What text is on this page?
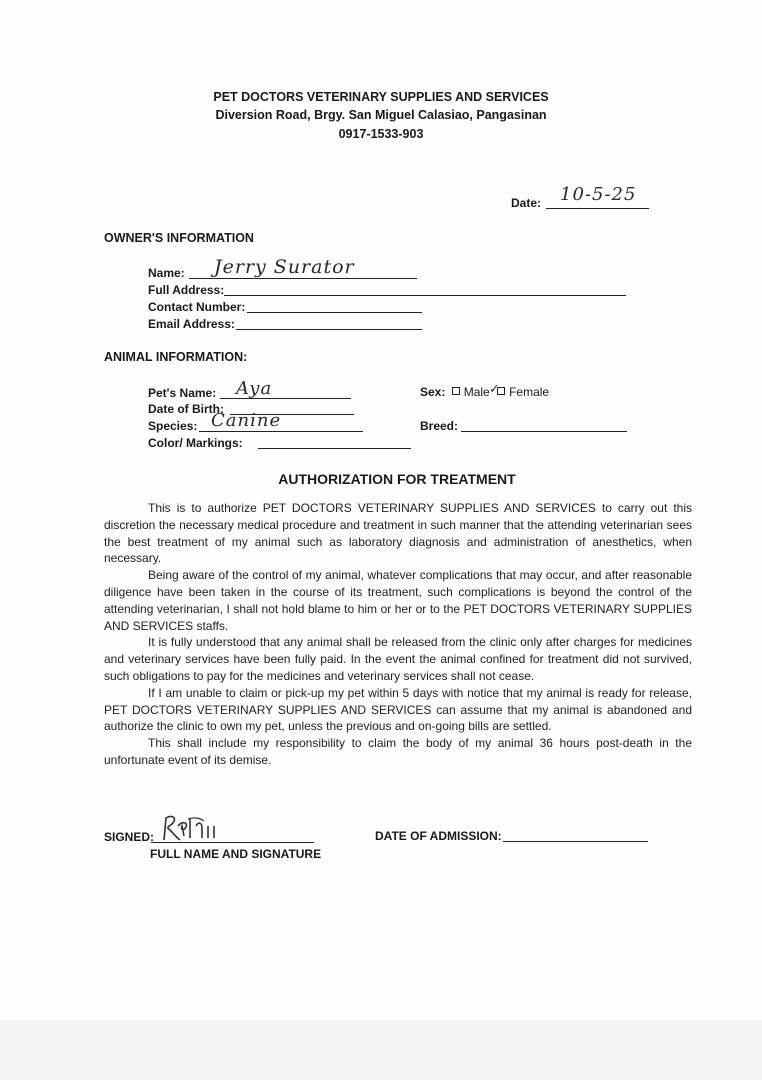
PET DOCTORS VETERINARY SUPPLIES AND SERVICES
Diversion Road, Brgy. San Miguel Calasiao, Pangasinan
0917-1533-903
Date: 10-5-25
OWNER'S INFORMATION
Name: Jerry Surator
Full Address:
Contact Number:
Email Address:
ANIMAL INFORMATION:
Pet's Name: Aya
Date of Birth:
Species: Canine
Color/ Markings:
Sex: Male Female
✓
Breed:
AUTHORIZATION FOR TREATMENT

This is to authorize PET DOCTORS VETERINARY SUPPLIES AND SERVICES to carry out this discretion the necessary medical procedure and treatment in such manner that the attending veterinarian sees the best treatment of my animal such as laboratory diagnosis and administration of anesthetics, when necessary.

Being aware of the control of my animal, whatever complications that may occur, and after reasonable diligence have been taken in the course of its treatment, such complications is beyond the control of the attending veterinarian, I shall not hold blame to him or her or to the PET DOCTORS VETERINARY SUPPLIES AND SERVICES staffs.

It is fully understood that any animal shall be released from the clinic only after charges for medicines and veterinary services have been fully paid. In the event the animal confined for treatment did not survived, such obligations to pay for the medicines and veterinary services shall not cease.

If I am unable to claim or pick-up my pet within 5 days with notice that my animal is ready for release, PET DOCTORS VETERINARY SUPPLIES AND SERVICES can assume that my animal is abandoned and authorize the clinic to own my pet, unless the previous and on-going bills are settled.

This shall include my responsibility to claim the body of my animal 36 hours post-death in the unfortunate event of its demise.

SIGNED:
FULL NAME AND SIGNATURE
DATE OF ADMISSION:
